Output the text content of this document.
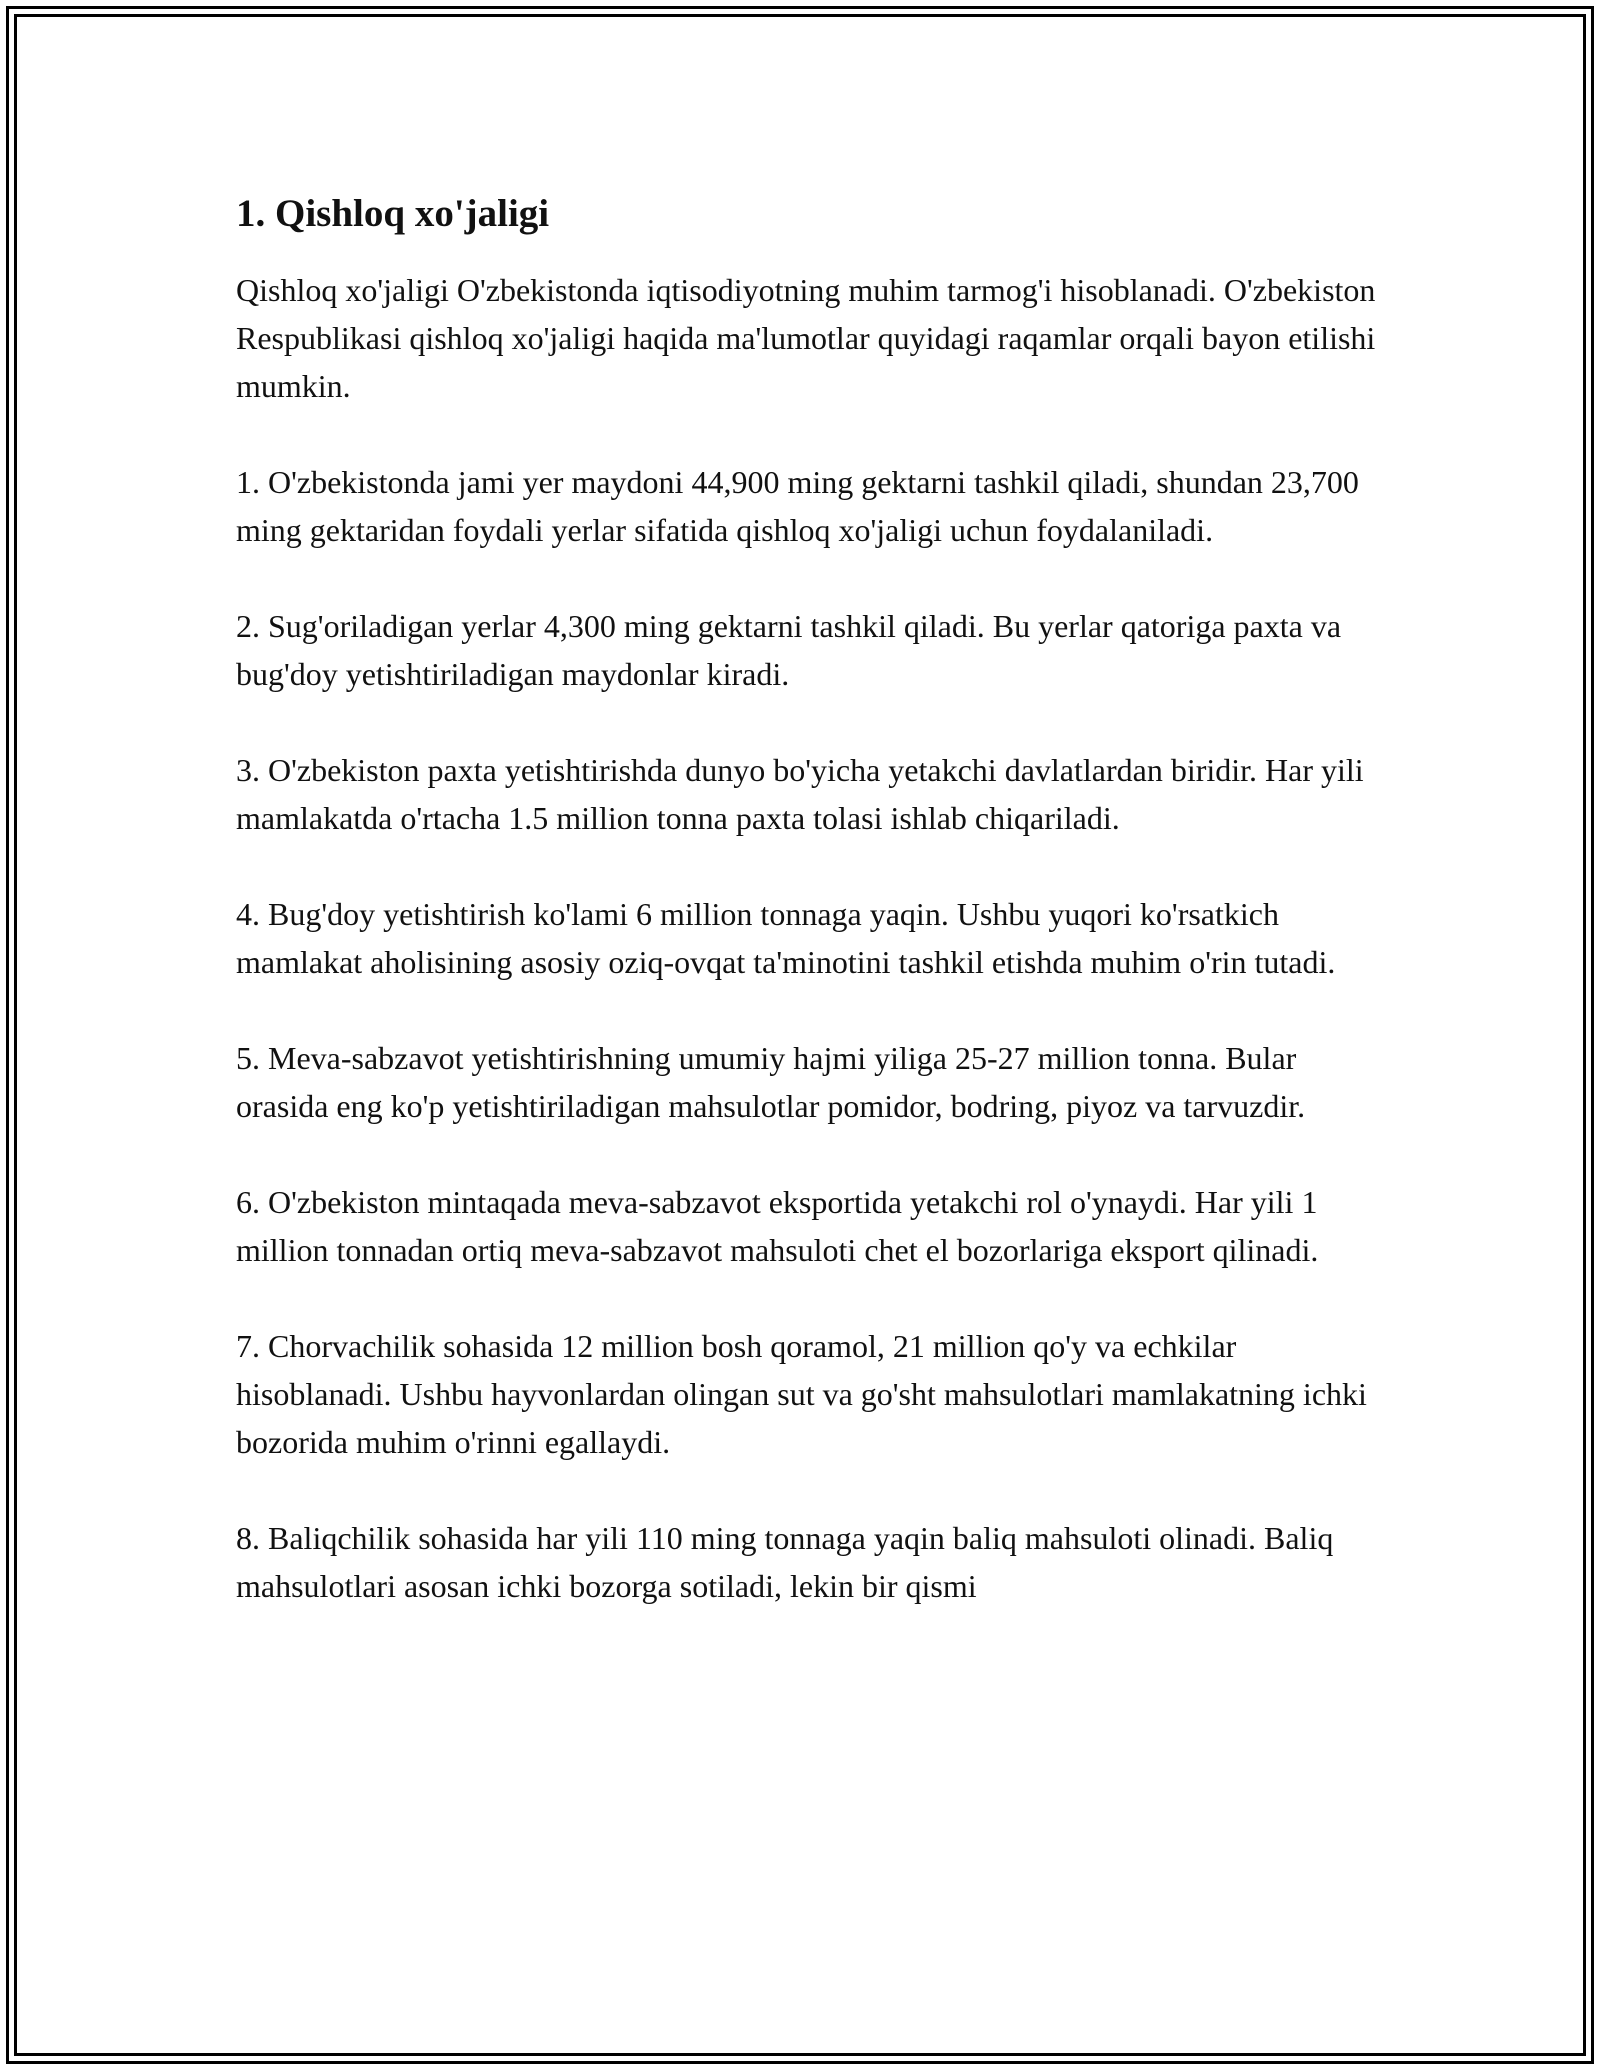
1. Qishloq xo'jaligi

Qishloq xo'jaligi O'zbekistonda iqtisodiyotning muhim tarmog'i hisoblanadi. O'zbekiston Respublikasi qishloq xo'jaligi haqida ma'lumotlar quyidagi raqamlar orqali bayon etilishi mumkin.

1. O'zbekistonda jami yer maydoni 44,900 ming gektarni tashkil qiladi, shundan 23,700 ming gektaridan foydali yerlar sifatida qishloq xo'jaligi uchun foydalaniladi.

2. Sug'oriladigan yerlar 4,300 ming gektarni tashkil qiladi. Bu yerlar qatoriga paxta va bug'doy yetishtiriladigan maydonlar kiradi.

3. O'zbekiston paxta yetishtirishda dunyo bo'yicha yetakchi davlatlardan biridir. Har yili mamlakatda o'rtacha 1.5 million tonna paxta tolasi ishlab chiqariladi.

4. Bug'doy yetishtirish ko'lami 6 million tonnaga yaqin. Ushbu yuqori ko'rsatkich mamlakat aholisining asosiy oziq-ovqat ta'minotini tashkil etishda muhim o'rin tutadi.

5. Meva-sabzavot yetishtirishning umumiy hajmi yiliga 25-27 million tonna. Bular orasida eng ko'p yetishtiriladigan mahsulotlar pomidor, bodring, piyoz va tarvuzdir.

6. O'zbekiston mintaqada meva-sabzavot eksportida yetakchi rol o'ynaydi. Har yili 1 million tonnadan ortiq meva-sabzavot mahsuloti chet el bozorlariga eksport qilinadi.

7. Chorvachilik sohasida 12 million bosh qoramol, 21 million qo'y va echkilar hisoblanadi. Ushbu hayvonlardan olingan sut va go'sht mahsulotlari mamlakatning ichki bozorida muhim o'rinni egallaydi.

8. Baliqchilik sohasida har yili 110 ming tonnaga yaqin baliq mahsuloti olinadi. Baliq mahsulotlari asosan ichki bozorga sotiladi, lekin bir qismi
